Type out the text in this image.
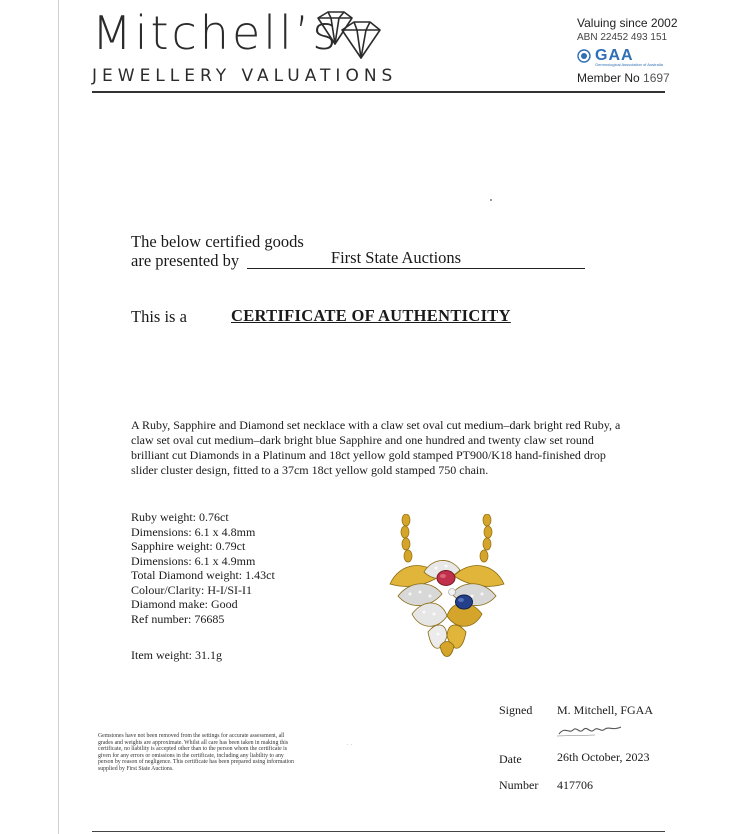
Mitchell’s
JEWELLERY VALUATIONS
Valuing since 2002
ABN 22452 493 151
GAA
Gemmological Association of Australia
Member No 1697
The below certified goods
are presented by	First State Auctions
This is a	CERTIFICATE OF AUTHENTICITY
A Ruby, Sapphire and Diamond set necklace with a claw set oval cut medium–dark bright red Ruby, a claw set oval cut medium–dark bright blue Sapphire and one hundred and twenty claw set round brilliant cut Diamonds in a Platinum and 18ct yellow gold stamped PT900/K18 hand-finished drop slider cluster design, fitted to a 37cm 18ct yellow gold stamped 750 chain.
Ruby weight: 0.76ct
Dimensions: 6.1 x 4.8mm
Sapphire weight: 0.79ct
Dimensions: 6.1 x 4.9mm
Total Diamond weight: 1.43ct
Colour/Clarity: H-I/SI-I1
Diamond make: Good
Ref number: 76685
Item weight: 31.1g
Gemstones have not been removed from the settings for accurate assessment, all grades and weights are approximate. Whilst all care has been taken in making this certificate, no liability is accepted other than to the person whom the certificate is given for any errors or omissions in the certificate, including any liability to any person by reason of negligence. This certificate has been prepared using information supplied by First State Auctions.
· ·
Signed M. Mitchell, FGAA
Date	26th October, 2023
Number 417706
